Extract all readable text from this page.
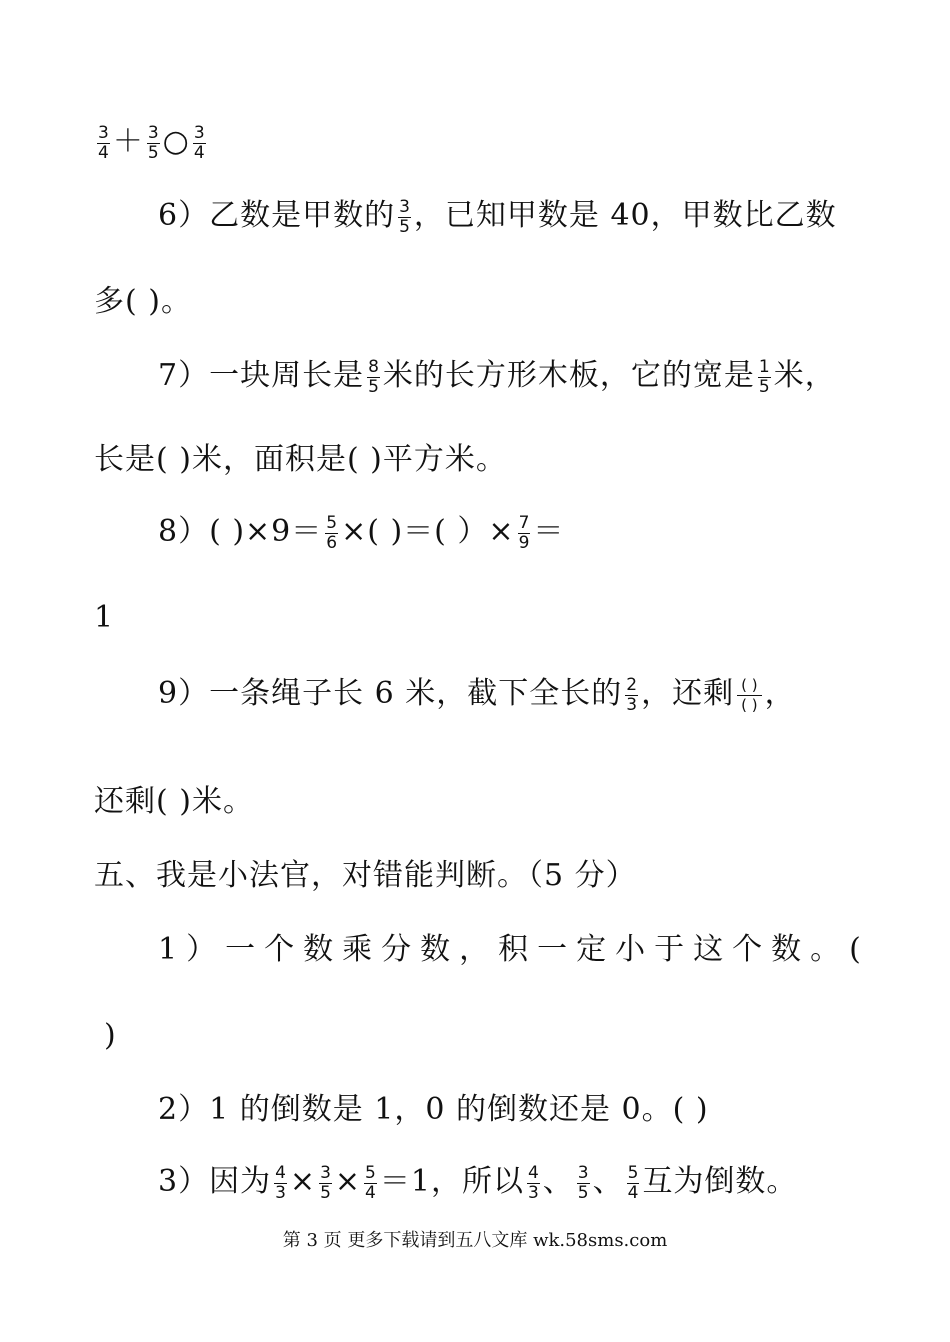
$\frac{3}{4} + \frac{3}{5}$ ○ $\frac{3}{4}$
6）乙数是甲数的 $\frac{3}{5}$ ，已知甲数是 40，甲数比乙数
多( )。
7）一块周长是 $\frac{8}{5}$ 米的长方形木板，它的宽是 $\frac{1}{5}$ 米，
长是( )米，面积是( )平方米。
8）( )$\times 9= \frac{5}{6}$ ×( )＝( ）× $\frac{7}{9}$ ＝
1
9）一条绳子长 6 米，截下全长的 $\frac{2}{3}$ ，还剩 $\frac{( )}{( )}$ ，
还剩( )米。
五、我是小法官，对错能判断。（5 分）
1）一个数乘分数，积一定小于这个数。(
)
2）1 的倒数是 1，0 的倒数还是 0。( )
3）因为 $\frac{4}{3} \times \frac{3}{5} \times \frac{5}{4} =1$，所以 $\frac{4}{3}$ 、 $\frac{3}{5}$ 、 $\frac{5}{4}$ 互为倒数。
第 3 页 更多下载请到五八文库 wk.58sms.com
